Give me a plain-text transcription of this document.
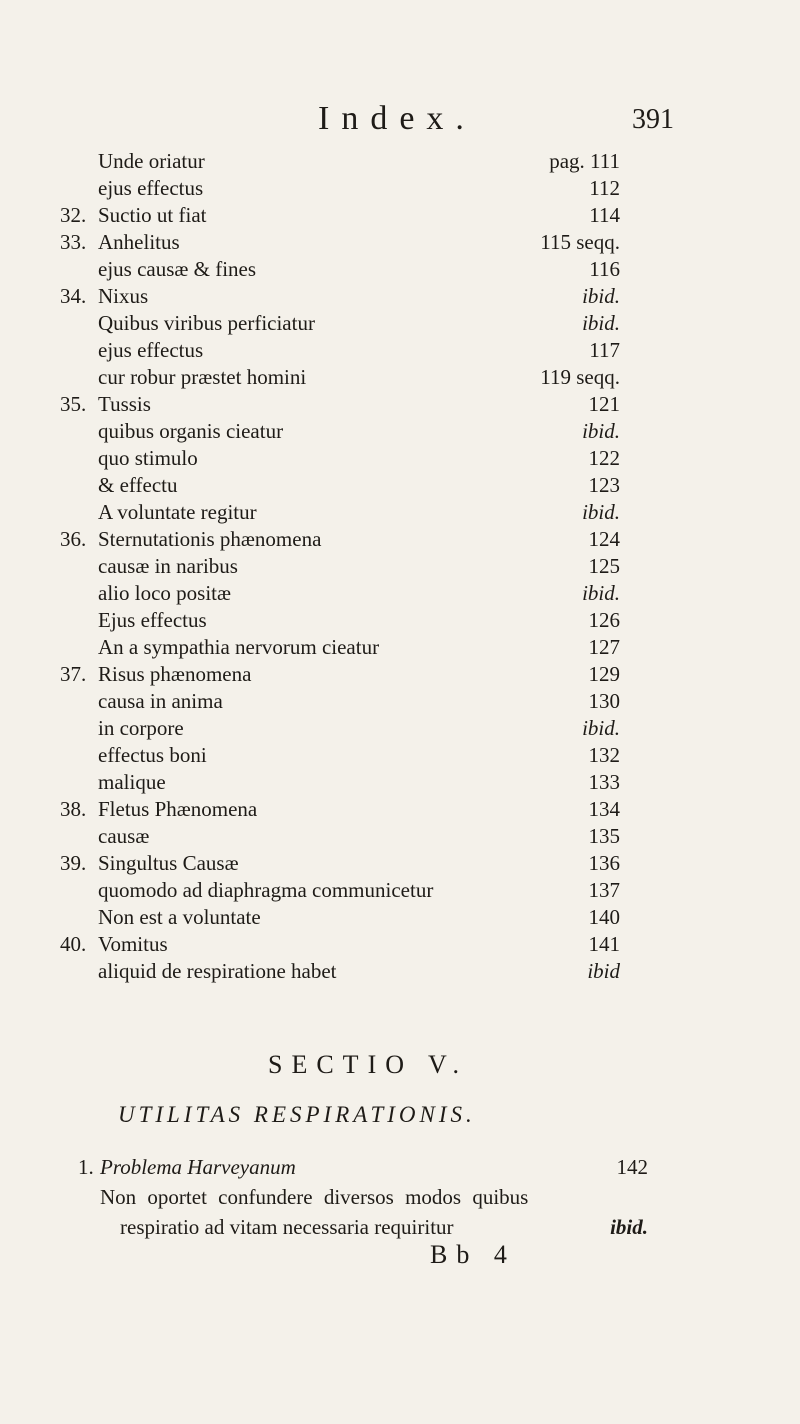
Index.	391
Unde oriatur	pag. 111
ejus effectus	112
32. Suctio ut fiat	114
33. Anhelitus	115 seqq.
ejus causæ & fines	116
34. Nixus	ibid.
Quibus viribus perficiatur	ibid.
ejus effectus	117
cur robur præstet homini	119 seqq.
35. Tussis	121
quibus organis cieatur	ibid.
quo stimulo	122
& effectu	123
A voluntate regitur	ibid.
36. Sternutationis phænomena	124
causæ in naribus	125
alio loco positæ	ibid.
Ejus effectus	126
An a sympathia nervorum cieatur	127
37. Risus phænomena	129
causa in anima	130
in corpore	ibid.
effectus boni	132
malique	133
38. Fletus Phænomena	134
causæ	135
39. Singultus Causæ	136
quomodo ad diaphragma communicetur	137
Non est a voluntate	140
40. Vomitus	141
aliquid de respiratione habet	ibid
SECTIO V.
UTILITAS RESPIRATIONIS.
1. Problema Harveyanum	142
Non oportet confundere diversos modos quibus
respiratio ad vitam necessaria requiritur	ibid.
Bb 4
